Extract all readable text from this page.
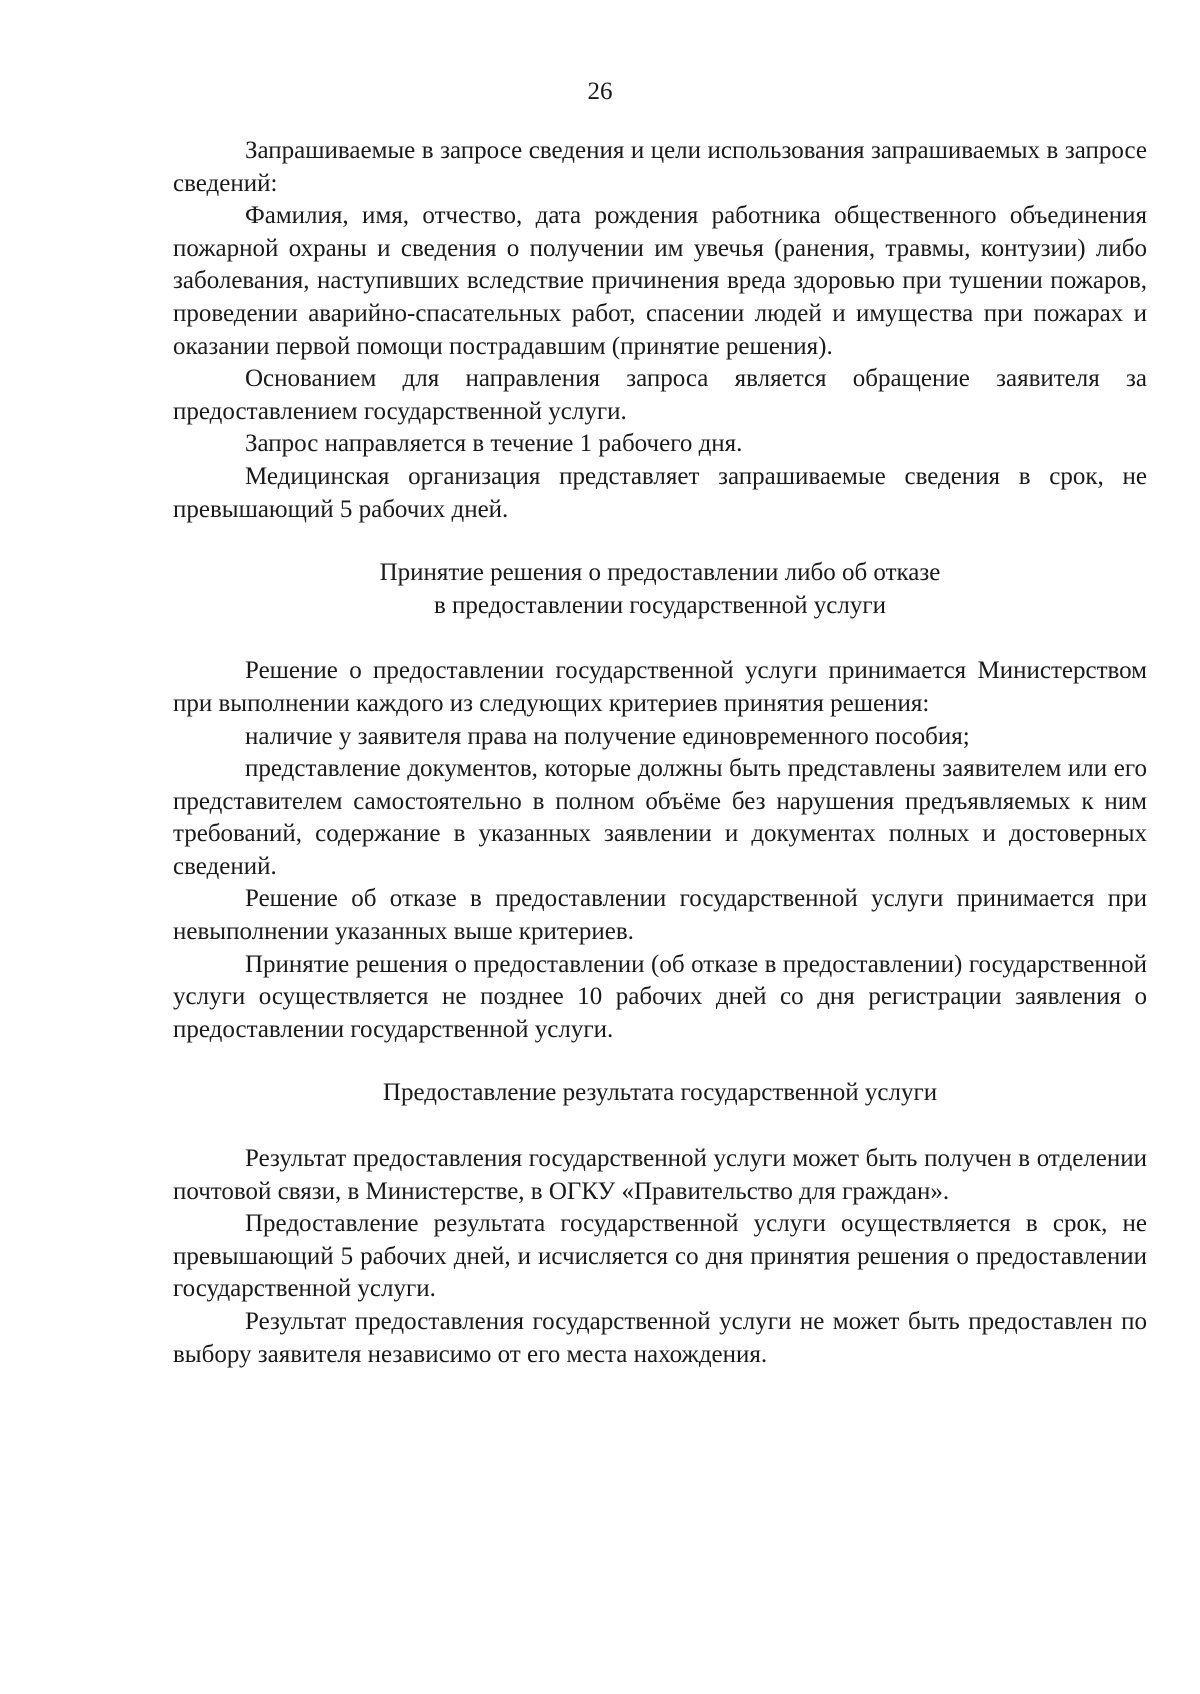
26

Запрашиваемые в запросе сведения и цели использования запрашиваемых в запросе сведений:

Фамилия, имя, отчество, дата рождения работника общественного объединения пожарной охраны и сведения о получении им увечья (ранения, травмы, контузии) либо заболевания, наступивших вследствие причинения вреда здоровью при тушении пожаров, проведении аварийно-спасательных работ, спасении людей и имущества при пожарах и оказании первой помощи пострадавшим (принятие решения).

Основанием для направления запроса является обращение заявителя за предоставлением государственной услуги.

Запрос направляется в течение 1 рабочего дня.

Медицинская организация представляет запрашиваемые сведения в срок, не превышающий 5 рабочих дней.

Принятие решения о предоставлении либо об отказе
в предоставлении государственной услуги

Решение о предоставлении государственной услуги принимается Министерством при выполнении каждого из следующих критериев принятия решения:

наличие у заявителя права на получение единовременного пособия;

представление документов, которые должны быть представлены заявителем или его представителем самостоятельно в полном объёме без нарушения предъявляемых к ним требований, содержание в указанных заявлении и документах полных и достоверных сведений.

Решение об отказе в предоставлении государственной услуги принимается при невыполнении указанных выше критериев.

Принятие решения о предоставлении (об отказе в предоставлении) государственной услуги осуществляется не позднее 10 рабочих дней со дня регистрации заявления о предоставлении государственной услуги.

Предоставление результата государственной услуги

Результат предоставления государственной услуги может быть получен в отделении почтовой связи, в Министерстве, в ОГКУ «Правительство для граждан».

Предоставление результата государственной услуги осуществляется в срок, не превышающий 5 рабочих дней, и исчисляется со дня принятия решения о предоставлении государственной услуги.

Результат предоставления государственной услуги не может быть предоставлен по выбору заявителя независимо от его места нахождения.
